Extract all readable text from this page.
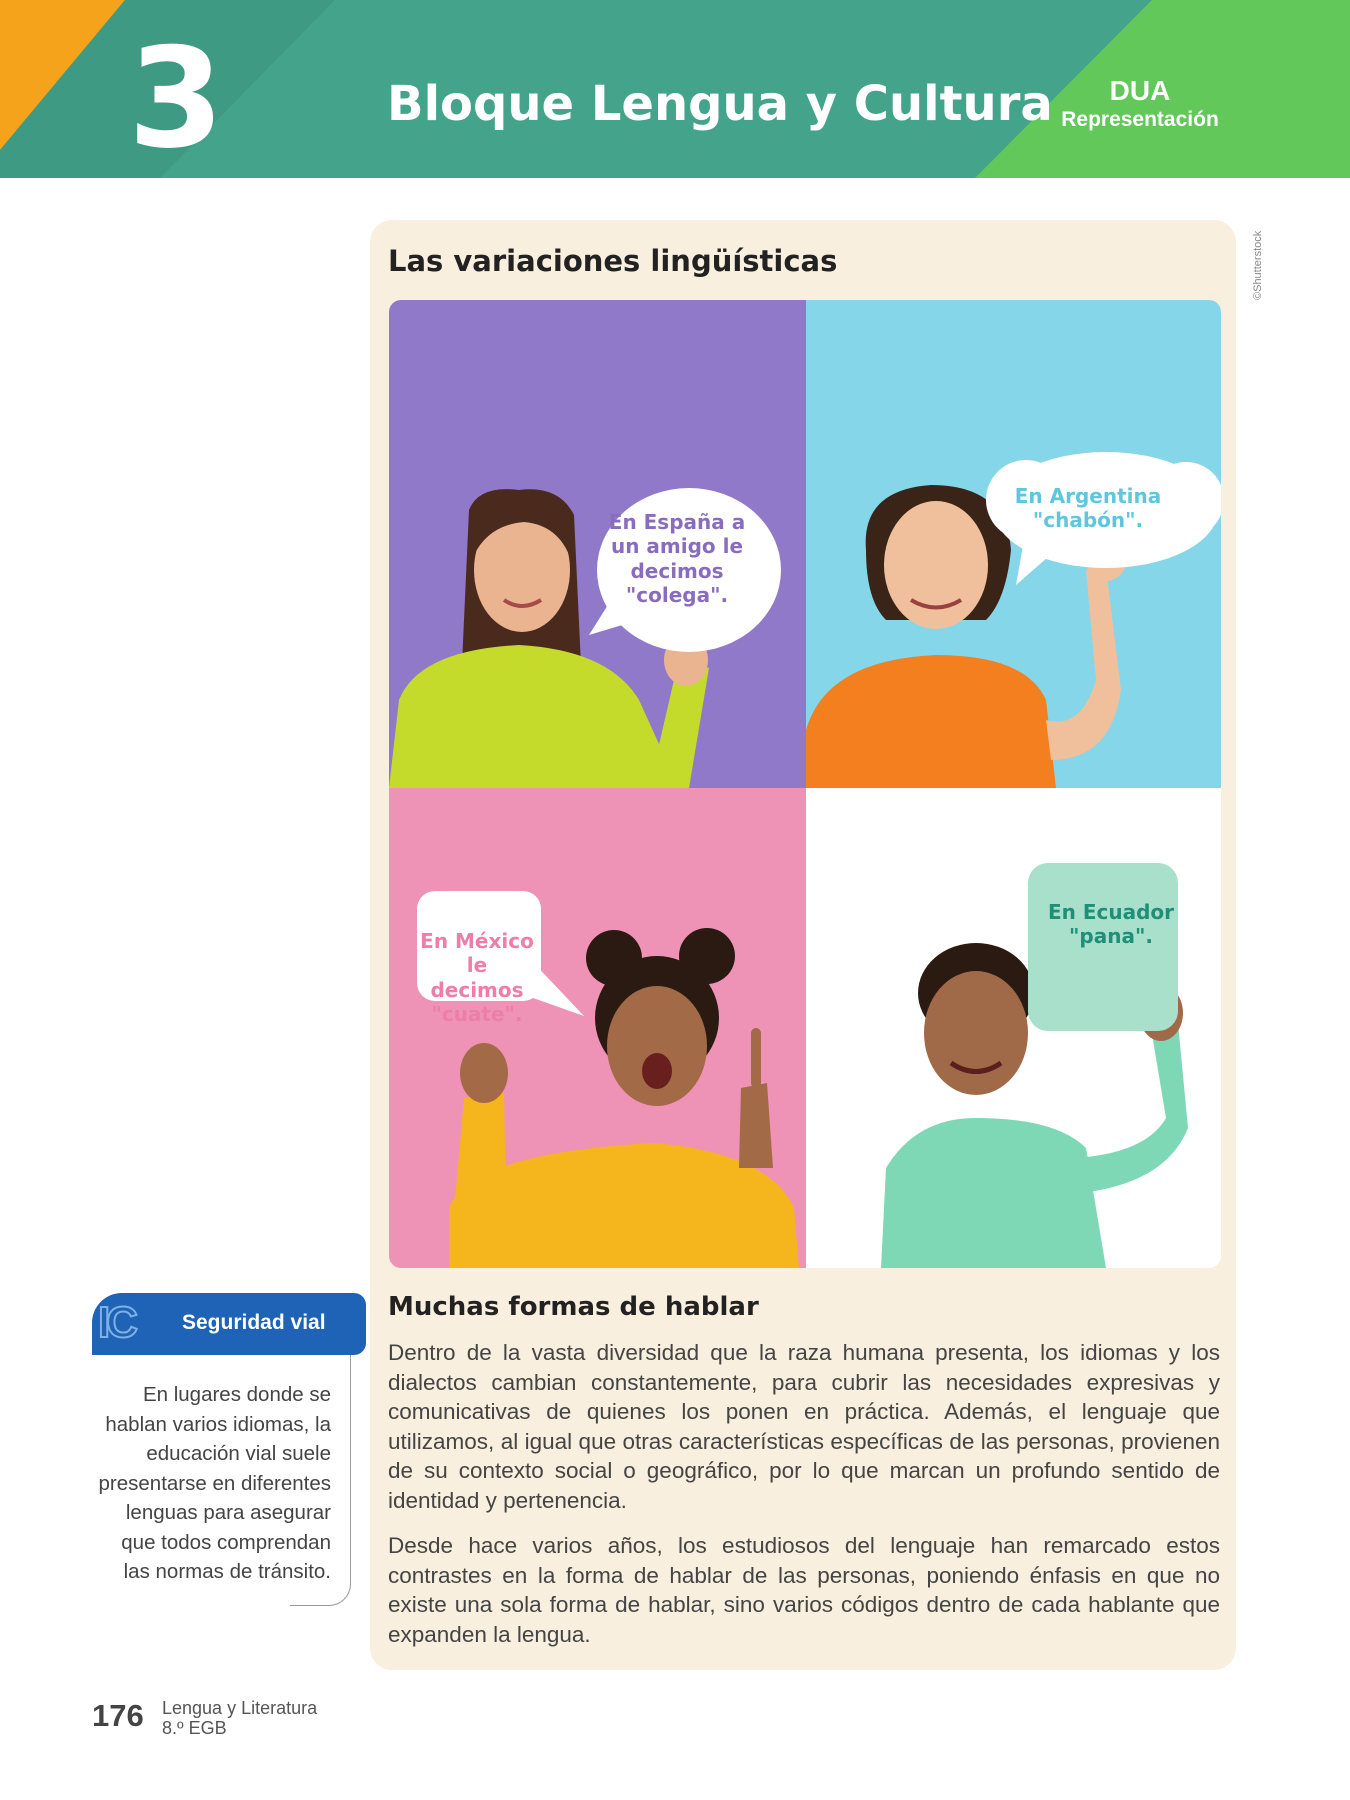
3	Bloque Lengua y Cultura	DUA
Representación
Las variaciones lingüísticas	©Shutterstock
En España a un amigo le decimos "colega".
En Argentina "chabón".
En México le decimos "cuate".
En Ecuador "pana".
Muchas formas de hablar

Dentro de la vasta diversidad que la raza humana presenta, los idiomas y los dialectos cambian constantemente, para cubrir las necesidades expresivas y comunicativas de quienes los ponen en práctica. Además, el lenguaje que utilizamos, al igual que otras características específicas de las personas, provienen de su contexto social o geográfico, por lo que marcan un profundo sentido de identidad y pertenencia.

Desde hace varios años, los estudiosos del lenguaje han remarcado estos contrastes en la forma de hablar de las personas, poniendo énfasis en que no existe una sola forma de hablar, sino varios códigos dentro de cada hablante que expanden la lengua.

IC Seguridad vial

En lugares donde se hablan varios idiomas, la educación vial suele presentarse en diferentes lenguas para asegurar que todos comprendan las normas de tránsito.

176 Lengua y Literatura
8.º EGB
